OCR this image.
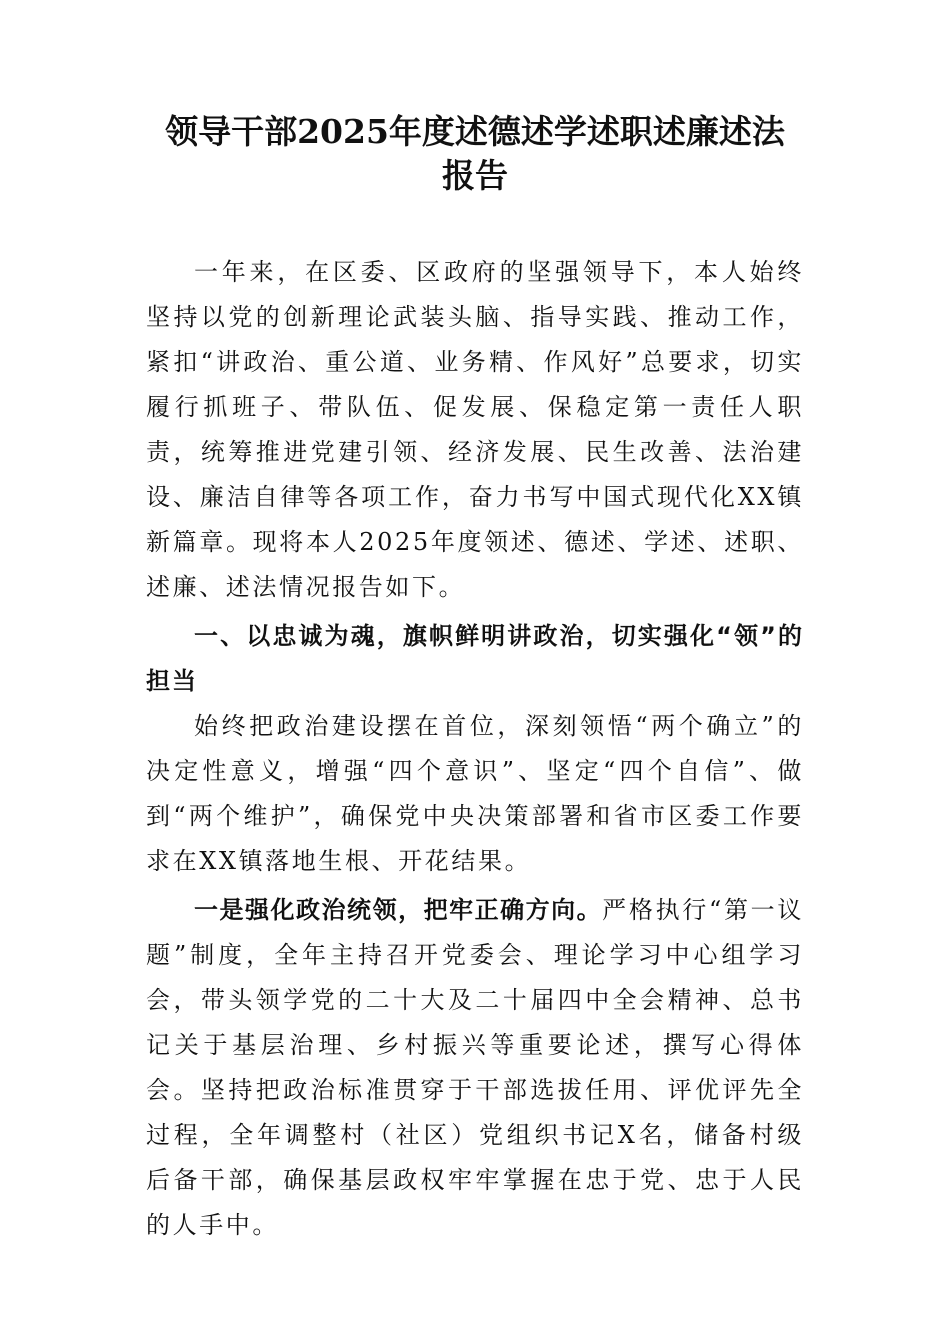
领导干部2025年度述德述学述职述廉述法
报告

一年来，在区委、区政府的坚强领导下，本人始终坚持以党的创新理论武装头脑、指导实践、推动工作，紧扣“讲政治、重公道、业务精、作风好”总要求，切实履行抓班子、带队伍、促发展、保稳定第一责任人职责，统筹推进党建引领、经济发展、民生改善、法治建设、廉洁自律等各项工作，奋力书写中国式现代化XX镇新篇章。现将本人2025年度领述、德述、学述、述职、述廉、述法情况报告如下。

一、以忠诚为魂，旗帜鲜明讲政治，切实强化“领”的担当

始终把政治建设摆在首位，深刻领悟“两个确立”的决定性意义，增强“四个意识”、坚定“四个自信”、做到“两个维护”，确保党中央决策部署和省市区委工作要求在XX镇落地生根、开花结果。

一是强化政治统领，把牢正确方向。严格执行“第一议题”制度，全年主持召开党委会、理论学习中心组学习会，带头领学党的二十大及二十届四中全会精神、总书记关于基层治理、乡村振兴等重要论述，撰写心得体会。坚持把政治标准贯穿于干部选拔任用、评优评先全过程，全年调整村（社区）党组织书记X名，储备村级后备干部，确保基层政权牢牢掌握在忠于党、忠于人民的人手中。
